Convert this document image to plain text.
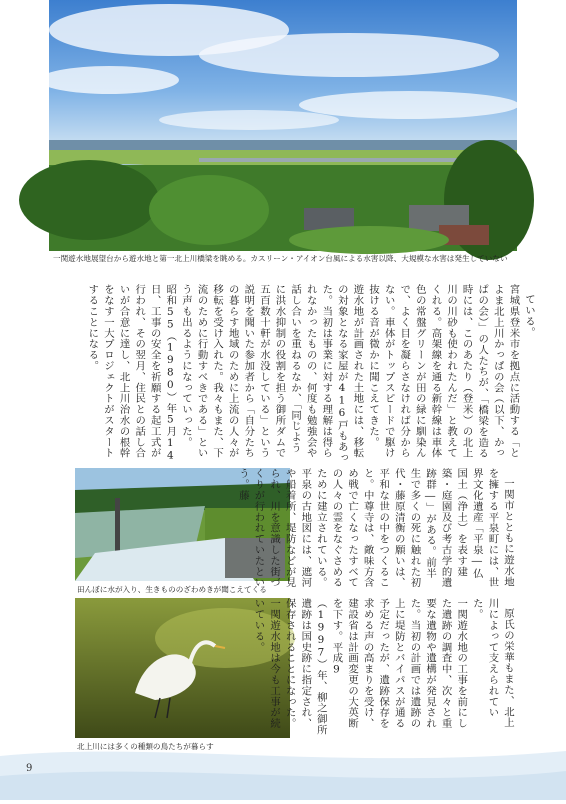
一関遊水地展望台から遊水地と第一北上川橋梁を眺める。カスリーン・アイオン台風による水害以降、大規模な水害は発生していない

ている。
宮城県登米市を拠点に活動する「とよま北上川かっぱの会（以下、かっぱの会）」の人たちが、「橋梁を造る時には、このあたり（登米）の北上川の川砂も使われたんだ」と教えてくれる。高架線を通る新幹線は車体色の常盤グリーンが田の緑に馴染んで、よく目を凝らさなければ分からない。車体がトップスピードで駆け抜ける音が微かに聞こえてきた。
遊水地が計画された土地には、移転の対象となる家屋が416戸もあった。当初は事業に対する理解は得られなかったものの、何度も勉強会や話し合いを重ねるなか、「同じように洪水抑制の役割を担う御所ダムで五百数十軒が水没している」という説明を聞いた参加者から「自分たちの暮らす地域のために上流の人々が移転を受け入れた。我々もまた、下流のために行動すべきである」という声も出るようになっていった。
昭和55（1980）年5月14日、工事の安全を祈願する起工式が行われ、その翌月、住民との話し合いが合意に達し、北上川治水の根幹をなす一大プロジェクトがスタートすることになる。

田んぼに水が入り、生きもののざわめきが聞こえてくる

一関市とともに遊水地を擁する平泉町には、世界文化遺産「平泉―仏国土（浄土）を表す建築・庭園及び考古学的遺跡群―」がある。前半生で多くの死に触れた初代・藤原清衡の願いは、平和な世の中をつくること。中尊寺は、敵味方含め戦で亡くなったすべての人々の霊をなぐさめるために建立されている。平泉の古地図には、遮河や船着所、堤防などが見られ、川を意識した街づくりが行われていたという。藤

北上川には多くの種類の鳥たちが暮らす

原氏の栄華もまた、北上川によって支えられていた。
一関遊水地の工事を前にした遺跡の調査中、次々と重要な遺物や遺構が発見された。当初の計画では遺跡の上に堤防とバイパスが通る予定だったが、遺跡保存を求める声の高まりを受け、建設省は計画変更の大英断を下す。平成9（1997）年、柳之御所遺跡は国史跡に指定され、保存されることになった。一関遊水地は今も工事が続いている。

9
